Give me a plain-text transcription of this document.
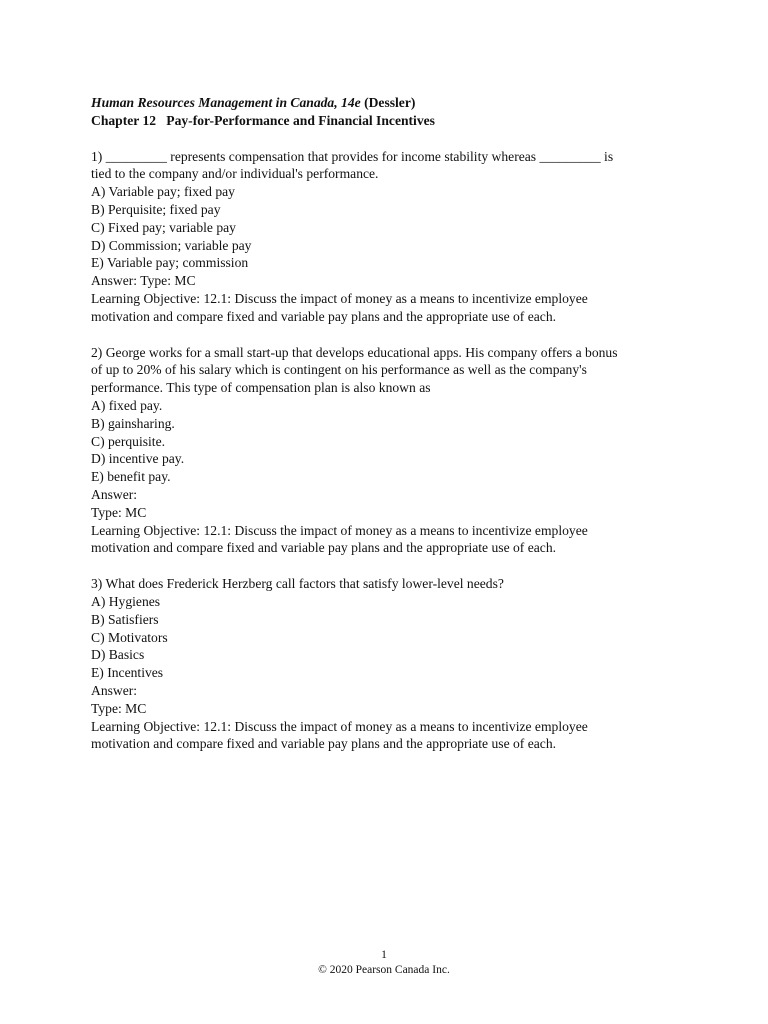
Human Resources Management in Canada, 14e (Dessler)
Chapter 12 Pay-for-Performance and Financial Incentives
1) _________ represents compensation that provides for income stability whereas _________ is
tied to the company and/or individual's performance.
A) Variable pay; fixed pay
B) Perquisite; fixed pay
C) Fixed pay; variable pay
D) Commission; variable pay
E) Variable pay; commission
Answer: Type: MC
Learning Objective: 12.1: Discuss the impact of money as a means to incentivize employee
motivation and compare fixed and variable pay plans and the appropriate use of each.
2) George works for a small start-up that develops educational apps. His company offers a bonus
of up to 20% of his salary which is contingent on his performance as well as the company's
performance. This type of compensation plan is also known as
A) fixed pay.
B) gainsharing.
C) perquisite.
D) incentive pay.
E) benefit pay.
Answer:
Type: MC
Learning Objective: 12.1: Discuss the impact of money as a means to incentivize employee
motivation and compare fixed and variable pay plans and the appropriate use of each.
3) What does Frederick Herzberg call factors that satisfy lower-level needs?
A) Hygienes
B) Satisfiers
C) Motivators
D) Basics
E) Incentives
Answer:
Type: MC
Learning Objective: 12.1: Discuss the impact of money as a means to incentivize employee
motivation and compare fixed and variable pay plans and the appropriate use of each.
1
© 2020 Pearson Canada Inc.
